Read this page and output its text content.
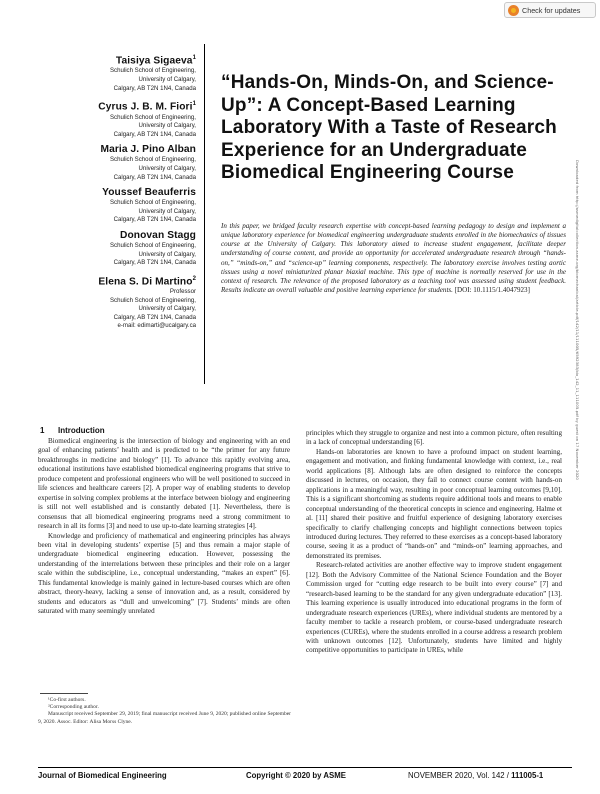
Check for updates
Taisiya Sigaeva$^1$
Schulich School of Engineering,
University of Calgary,
Calgary, AB T2N 1N4, Canada
Cyrus J. B. M. Fiori$^1$
Schulich School of Engineering,
University of Calgary,
Calgary, AB T2N 1N4, Canada
Maria J. Pino Alban
Schulich School of Engineering,
University of Calgary,
Calgary, AB T2N 1N4, Canada
Youssef Beauferris
Schulich School of Engineering,
University of Calgary,
Calgary, AB T2N 1N4, Canada
Donovan Stagg
Schulich School of Engineering,
University of Calgary,
Calgary, AB T2N 1N4, Canada
Elena S. Di Martino$^2$
Professor
Schulich School of Engineering,
University of Calgary,
Calgary, AB T2N 1N4, Canada
e-mail: edimarti@ucalgary.ca
“Hands-On, Minds-On, and Science-Up”: A Concept-Based Learning Laboratory With a Taste of Research Experience for an Undergraduate Biomedical Engineering Course
In this paper, we bridged faculty research expertise with concept-based learning pedagogy to design and implement a unique laboratory experience for biomedical engineering undergraduate students enrolled in the biomechanics of tissues course at the University of Calgary. This laboratory aimed to increase student engagement, facilitate deeper understanding of course content, and provide an opportunity for accelerated undergraduate research through “hands-on,” “minds-on,” and “science-up” learning components, respectively. The laboratory exercise involves testing aortic tissues using a novel miniaturized planar biaxial machine. This type of machine is normally reserved for use in the context of research. The relevance of the proposed laboratory as a teaching tool was assessed using student feedback. Results indicate an overall valuable and positive learning experience for students. [DOI: 10.1115/1.4047923]	Downloaded from http://asmedigitalcollection.asme.org/biomechanical/article-pdf/142/11/111005/6592383/bio_142_11_111005.pdf by guest on 17 November 2020
1 Introduction

Biomedical engineering is the intersection of biology and engineering with an end goal of enhancing patients’ health and is predicted to be “the primer for any future breakthroughs in medicine and biology” [1]. To advance this rapidly evolving area, educational institutions have established biomedical engineering programs that strive to produce competent and professional engineers who will be well positioned to succeed in life sciences and healthcare careers [2]. A proper way of enabling students to develop expertise in solving complex problems at the interface between biology and engineering is still not well established and is constantly debated [1]. Nevertheless, there is consensus that all biomedical engineering programs need a strong commitment to research in all its forms [3] and need to use up-to-date learning strategies [4].

Knowledge and proficiency of mathematical and engineering principles has always been vital in developing students’ expertise [5] and thus remain a major staple of undergraduate biomedical engineering education. However, possessing the understanding of the interrelations between these principles and their role on a larger scale within the subdiscipline, i.e., conceptual understanding, “makes an expert” [6]. This fundamental knowledge is mainly gained in lecture-based courses which are often abstract, theory-heavy, lacking a sense of innovation and, as a result, considered by students and educators as “dull and unwelcoming” [7]. Students’ minds are often saturated with many seemingly unrelated

principles which they struggle to organize and nest into a common picture, often resulting in a lack of conceptual understanding [6].

Hands-on laboratories are known to have a profound impact on student learning, engagement and motivation, and finking fundamental knowledge with context, i.e., real world applications [8]. Although labs are often designed to reinforce the concepts discussed in lectures, on occasion, they fail to connect course content with hands-on applications in a meaningful way, resulting in poor conceptual learning outcomes [9,10]. This is a significant shortcoming as students require additional tools and means to enable conceptual understanding of the theoretical concepts in science and engineering. Halme et al. [11] shared their positive and fruitful experience of designing laboratory exercises specifically to clarify challenging concepts and highlight connections between topics introduced during lectures. They referred to these exercises as a concept-based laboratory course, seeing it as a product of “hands-on” and “minds-on” learning approaches, and demonstrated its premises.

Research-related activities are another effective way to improve student engagement [12]. Both the Advisory Committee of the National Science Foundation and the Boyer Commission urged for “cutting edge research to be built into every course” [7] and “research-based learning to be the standard for any given undergraduate education” [13]. This learning experience is usually introduced into educational programs in the form of undergraduate research experiences (UREs), where individual students are mentored by a faculty member to tackle a research problem, or course-based undergraduate research experiences (CUREs), where the students enrolled in a course address a research problem with unknown outcomes [12]. Unfortunately, students have limited and highly competitive opportunities to participate in UREs, while

¹Co-first authors.

²Corresponding author.

Manuscript received September 29, 2019; final manuscript received June 9, 2020; published online September 9, 2020. Assoc. Editor: Alisa Morss Clyne.

Journal of Biomedical Engineering	Copyright © 2020 by ASME	NOVEMBER 2020, Vol. 142 / 111005-1
